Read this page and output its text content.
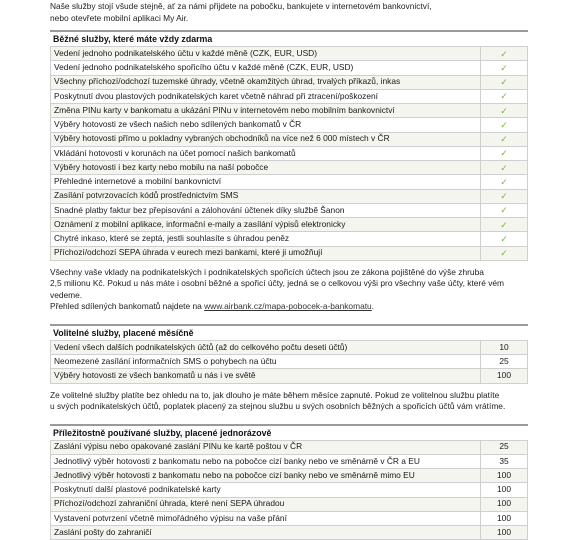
Naše služby stojí všude stejně, ať za námi přijdete na pobočku, bankujete v internetovém bankovnictví,

nebo otevřete mobilní aplikaci My Air.

Běžné služby, které máte vždy zdarma
Vedení jednoho podnikatelského účtu v každé měně (CZK, EUR, USD)	✓
Vedení jednoho podnikatelského spořicího účtu v každé měně (CZK, EUR, USD)	✓
Všechny příchozí/odchozí tuzemské úhrady, včetně okamžitých úhrad, trvalých příkazů, inkas	✓
Poskytnutí dvou plastových podnikatelských karet včetně náhrad při ztracení/poškození	✓
Změna PINu karty v bankomatu a ukázání PINu v internetovém nebo mobilním bankovnictví	✓
Výběry hotovosti ze všech našich nebo sdílených bankomatů v ČR	✓
Výběry hotovosti přímo u pokladny vybraných obchodníků na více než 6 000 místech v ČR	✓
Vkládání hotovosti v korunách na účet pomocí našich bankomatů	✓
Výběry hotovosti i bez karty nebo mobilu na naší pobočce	✓
Přehledné internetové a mobilní bankovnictví	✓
Zasílání potvrzovacích kódů prostřednictvím SMS	✓
Snadné platby faktur bez přepisování a zálohování účtenek díky službě Šanon	✓
Oznámení z mobilní aplikace, informační e-maily a zasílání výpisů elektronicky	✓
Chytré inkaso, které se zeptá, jestli souhlasíte s úhradou peněz	✓
Příchozí/odchozí SEPA úhrada v eurech mezi bankami, které ji umožňují	✓

Všechny vaše vklady na podnikatelských i podnikatelských spořicích účtech jsou ze zákona pojištěné do výše zhruba

2,5 milionu Kč. Pokud u nás máte i osobní běžné a spořicí účty, jedná se o celkovou výši pro všechny vaše účty, které vém

vedeme.

Přehled sdílených bankomatů najdete na www.airbank.cz/mapa-pobocek-a-bankomatu.

Volitelné služby, placené měsíčně
Vedení všech dalších podnikatelských účtů (až do celkového počtu deseti účtů)	10
Neomezené zasílání informačních SMS o pohybech na účtu	25
Výběry hotovosti ze všech bankomatů u nás i ve světě	100

Ze volitelné služby platíte bez ohledu na to, jak dlouho je máte během měsíce zapnuté. Pokud ze volitelnou službu platíte

u svých podnikatelských účtů, poplatek placený za stejnou službu u svých osobních běžných a spořicích účtů vám vrátíme.

Příležitostně používané služby, placené jednorázově
Zaslání výpisu nebo opakované zaslání PINu ke kartě poštou v ČR	25
Jednotlivý výběr hotovosti z bankomatu nebo na pobočce cizí banky nebo ve směnárně v ČR a EU	35
Jednotlivý výběr hotovosti z bankomatu nebo na pobočce cizí banky nebo ve směnárně mimo EU	100
Poskytnutí další plastové podnikatelské karty	100
Příchozí/odchozí zahraniční úhrada, které není SEPA úhradou	100
Vystavení potvrzení včetně mimořádného výpisu na vaše přání	100
Zaslání pošty do zahraničí	100
